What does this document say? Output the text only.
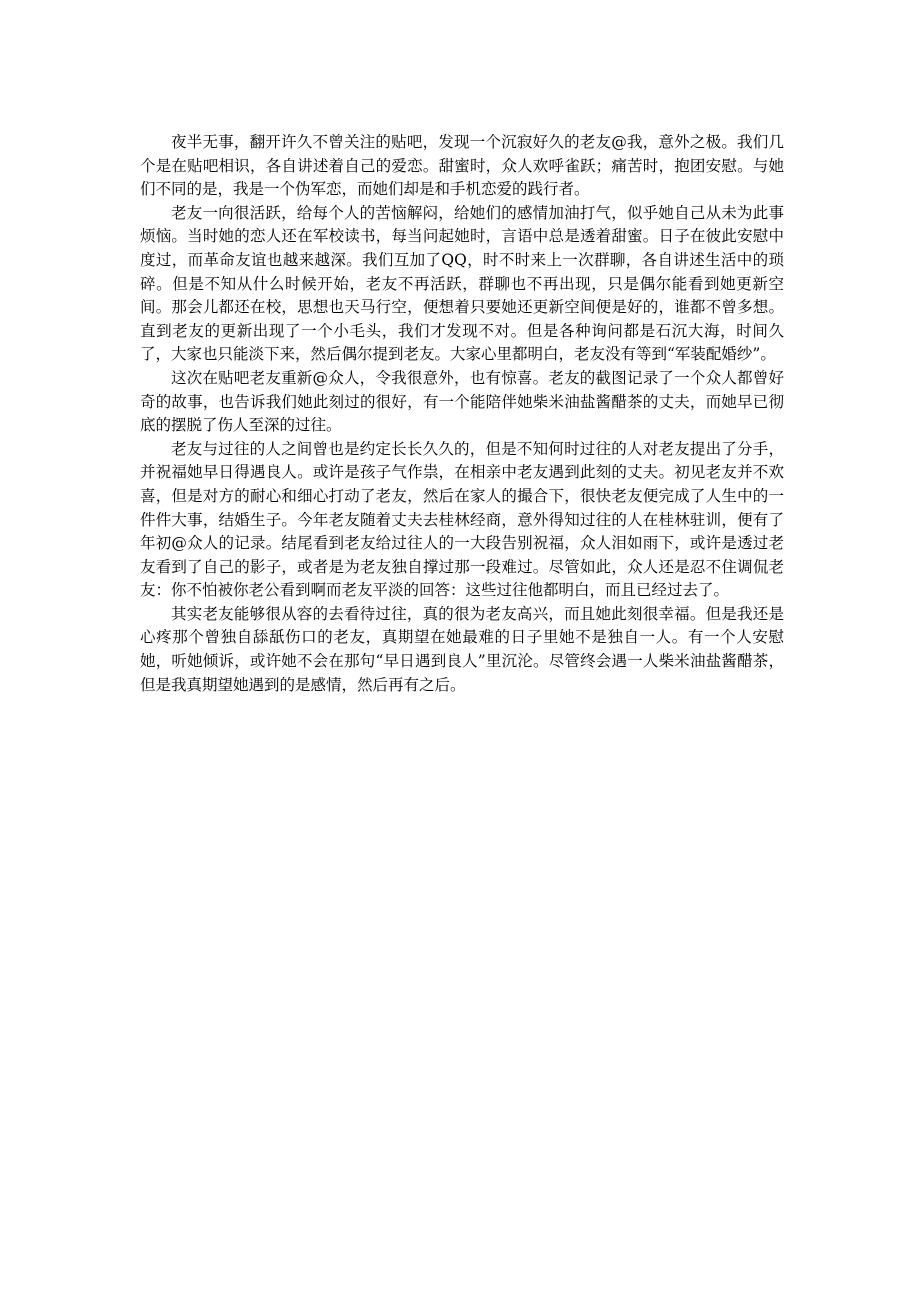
夜半无事，翻开许久不曾关注的贴吧，发现一个沉寂好久的老友@我，意外之极。我们几个是在贴吧相识，各自讲述着自己的爱恋。甜蜜时，众人欢呼雀跃；痛苦时，抱团安慰。与她们不同的是，我是一个伪军恋，而她们却是和手机恋爱的践行者。

老友一向很活跃，给每个人的苦恼解闷，给她们的感情加油打气，似乎她自己从未为此事烦恼。当时她的恋人还在军校读书，每当问起她时，言语中总是透着甜蜜。日子在彼此安慰中度过，而革命友谊也越来越深。我们互加了QQ，时不时来上一次群聊，各自讲述生活中的琐碎。但是不知从什么时候开始，老友不再活跃，群聊也不再出现，只是偶尔能看到她更新空间。那会儿都还在校，思想也天马行空，便想着只要她还更新空间便是好的，谁都不曾多想。直到老友的更新出现了一个小毛头，我们才发现不对。但是各种询问都是石沉大海，时间久了，大家也只能淡下来，然后偶尔提到老友。大家心里都明白，老友没有等到“军装配婚纱”。

这次在贴吧老友重新@众人，令我很意外，也有惊喜。老友的截图记录了一个众人都曾好奇的故事，也告诉我们她此刻过的很好，有一个能陪伴她柴米油盐酱醋茶的丈夫，而她早已彻底的摆脱了伤人至深的过往。

老友与过往的人之间曾也是约定长长久久的，但是不知何时过往的人对老友提出了分手，并祝福她早日得遇良人。或许是孩子气作祟，在相亲中老友遇到此刻的丈夫。初见老友并不欢喜，但是对方的耐心和细心打动了老友，然后在家人的撮合下，很快老友便完成了人生中的一件件大事，结婚生子。今年老友随着丈夫去桂林经商，意外得知过往的人在桂林驻训，便有了年初@众人的记录。结尾看到老友给过往人的一大段告别祝福，众人泪如雨下，或许是透过老友看到了自己的影子，或者是为老友独自撑过那一段难过。尽管如此，众人还是忍不住调侃老友：你不怕被你老公看到啊而老友平淡的回答：这些过往他都明白，而且已经过去了。

其实老友能够很从容的去看待过往，真的很为老友高兴，而且她此刻很幸福。但是我还是心疼那个曾独自舔舐伤口的老友，真期望在她最难的日子里她不是独自一人。有一个人安慰她，听她倾诉，或许她不会在那句“早日遇到良人”里沉沦。尽管终会遇一人柴米油盐酱醋茶，但是我真期望她遇到的是感情，然后再有之后。
